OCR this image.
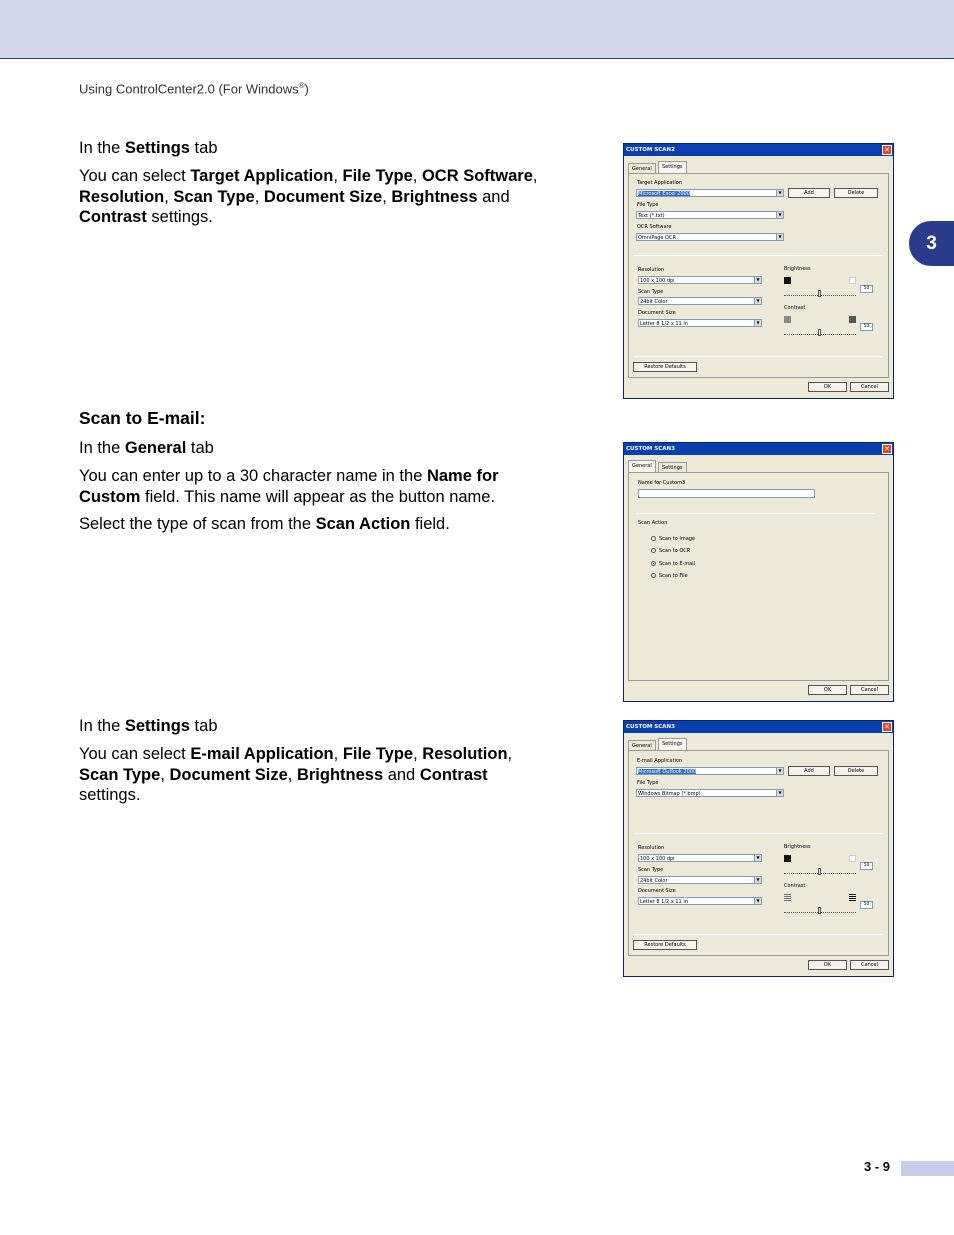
Using ControlCenter2.0 (For Windows®)
3

In the Settings tab

You can select Target Application, File Type, OCR Software, Resolution, Scan Type, Document Size, Brightness and Contrast settings.

CUSTOM SCAN2	✕
General	Settings
Target Application
Microsoft Excel 2000	▼	Add	Delete
File Type
Text (*.txt)	▼
OCR Software
OmniPage OCR	▼
Resolution
100 x 100 dpi	▼
Scan Type
24bit Color	▼
Document Size
Letter 8 1/2 x 11 in	▼
Brightness
50
Contrast
50
Restore Defaults
OK	Cancel

Scan to E-mail:

In the General tab

You can enter up to a 30 character name in the Name for Custom field. This name will appear as the button name.

Select the type of scan from the Scan Action field.

CUSTOM SCAN3	✕
General	Settings
Name for Custom3
Scan Action
Scan to Image
Scan to OCR
Scan to E-mail
Scan to File
OK	Cancel

In the Settings tab

You can select E-mail Application, File Type, Resolution, Scan Type, Document Size, Brightness and Contrast settings.

CUSTOM SCAN3	✕
General	Settings
E-mail Application
Microsoft Outlook 2000	▼	Add	Delete
File Type
Windows Bitmap (*.bmp)	▼
Resolution
100 x 100 dpi	▼
Scan Type
24bit Color	▼
Document Size
Letter 8 1/2 x 11 in	▼
Brightness
50
Contrast
50
Restore Defaults
OK	Cancel
3 - 9
